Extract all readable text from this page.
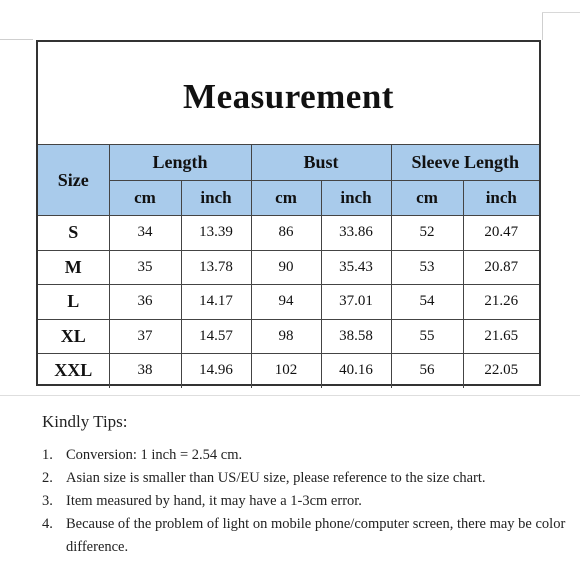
Measurement
Size	Length		Bust		Sleeve Length	
	cm	inch	cm	inch	cm	inch
S	34	13.39	86	33.86	52	20.47
M	35	13.78	90	35.43	53	20.87
L	36	14.17	94	37.01	54	21.26
XL	37	14.57	98	38.58	55	21.65
XXL	38	14.96	102	40.16	56	22.05
Kindly Tips:
1. Conversion: 1 inch = 2.54 cm.
2. Asian size is smaller than US/EU size, please reference to the size chart.
3. Item measured by hand, it may have a 1-3cm error.
4. Because of the problem of light on mobile phone/computer screen, there may be color difference.
